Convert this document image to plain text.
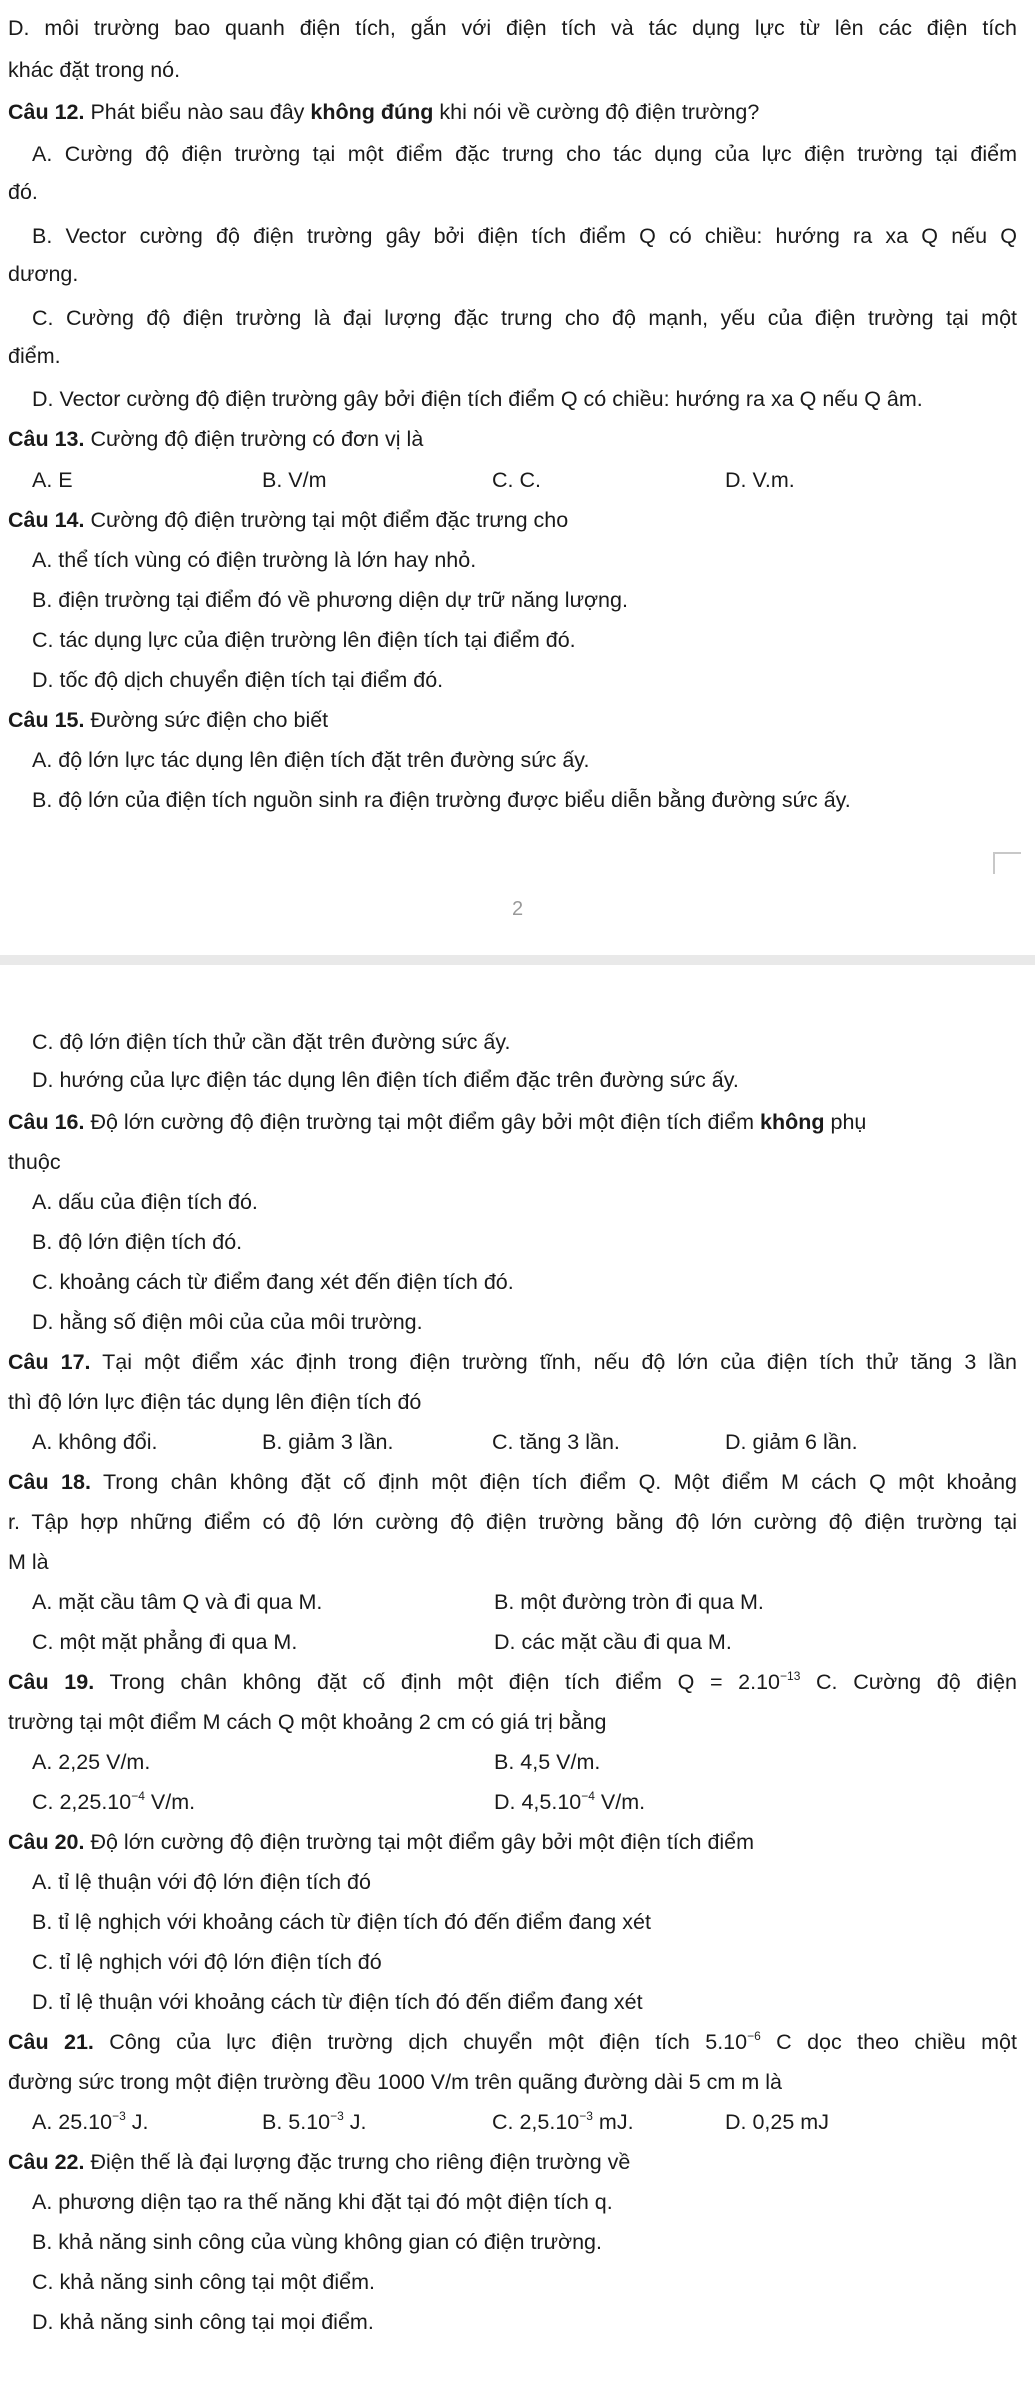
D. môi trường bao quanh điện tích, gắn với điện tích và tác dụng lực từ lên các điện tích
khác đặt trong nó.
Câu 12. Phát biểu nào sau đây không đúng khi nói về cường độ điện trường?
A. Cường độ điện trường tại một điểm đặc trưng cho tác dụng của lực điện trường tại điểm
đó.
B. Vector cường độ điện trường gây bởi điện tích điểm Q có chiều: hướng ra xa Q nếu Q
dương.
C. Cường độ điện trường là đại lượng đặc trưng cho độ mạnh, yếu của điện trường tại một
điểm.
D. Vector cường độ điện trường gây bởi điện tích điểm Q có chiều: hướng ra xa Q nếu Q âm.
Câu 13. Cường độ điện trường có đơn vị là
A. E	B. V/m	C. C.	D. V.m.
Câu 14. Cường độ điện trường tại một điểm đặc trưng cho
A. thể tích vùng có điện trường là lớn hay nhỏ.
B. điện trường tại điểm đó về phương diện dự trữ năng lượng.
C. tác dụng lực của điện trường lên điện tích tại điểm đó.
D. tốc độ dịch chuyển điện tích tại điểm đó.
Câu 15. Đường sức điện cho biết
A. độ lớn lực tác dụng lên điện tích đặt trên đường sức ấy.
B. độ lớn của điện tích nguồn sinh ra điện trường được biểu diễn bằng đường sức ấy.
2
C. độ lớn điện tích thử cần đặt trên đường sức ấy.
D. hướng của lực điện tác dụng lên điện tích điểm đặc trên đường sức ấy.
Câu 16. Độ lớn cường độ điện trường tại một điểm gây bởi một điện tích điểm không phụ
thuộc
A. dấu của điện tích đó.
B. độ lớn điện tích đó.
C. khoảng cách từ điểm đang xét đến điện tích đó.
D. hằng số điện môi của của môi trường.
Câu 17. Tại một điểm xác định trong điện trường tĩnh, nếu độ lớn của điện tích thử tăng 3 lần
thì độ lớn lực điện tác dụng lên điện tích đó
A. không đổi.	B. giảm 3 lần.	C. tăng 3 lần.	D. giảm 6 lần.
Câu 18. Trong chân không đặt cố định một điện tích điểm Q. Một điểm M cách Q một khoảng
r. Tập hợp những điểm có độ lớn cường độ điện trường bằng độ lớn cường độ điện trường tại
M là
A. mặt cầu tâm Q và đi qua M.	B. một đường tròn đi qua M.
C. một mặt phẳng đi qua M.	D. các mặt cầu đi qua M.
Câu 19. Trong chân không đặt cố định một điện tích điểm $Q = 2.10^{-13}$ C. Cường độ điện
trường tại một điểm M cách Q một khoảng 2 cm có giá trị bằng
A. 2,25 V/m.	B. 4,5 V/m.
C. $2,25.10^{-4}$ V/m.	D. $4,5.10^{-4}$ V/m.
Câu 20. Độ lớn cường độ điện trường tại một điểm gây bởi một điện tích điểm
A. tỉ lệ thuận với độ lớn điện tích đó
B. tỉ lệ nghịch với khoảng cách từ điện tích đó đến điểm đang xét
C. tỉ lệ nghịch với độ lớn điện tích đó
D. tỉ lệ thuận với khoảng cách từ điện tích đó đến điểm đang xét
Câu 21. Công của lực điện trường dịch chuyển một điện tích $5.10^{-6}$ C dọc theo chiều một
đường sức trong một điện trường đều 1000 V/m trên quãng đường dài 5 cm m là
A. $25.10^{-3}$ J.	B. $5.10^{-3}$ J.	C. $2,5.10^{-3}$ mJ.	D. 0,25 mJ
Câu 22. Điện thế là đại lượng đặc trưng cho riêng điện trường về
A. phương diện tạo ra thế năng khi đặt tại đó một điện tích q.
B. khả năng sinh công của vùng không gian có điện trường.
C. khả năng sinh công tại một điểm.
D. khả năng sinh công tại mọi điểm.
